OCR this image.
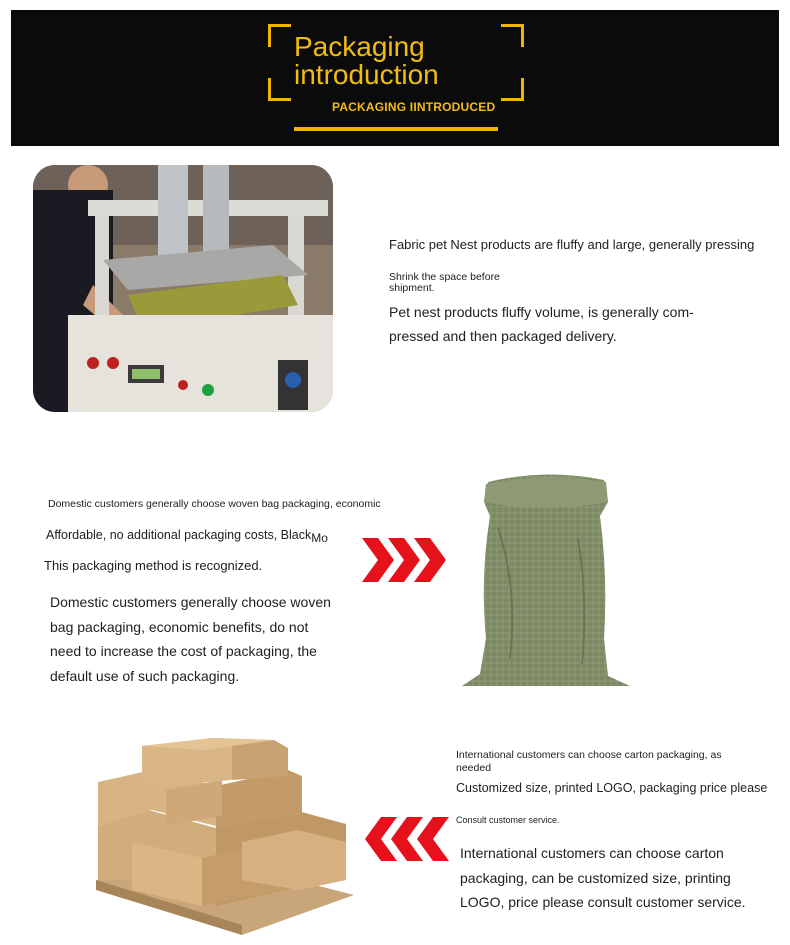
Packaging
introduction
PACKAGING IINTRODUCED
Fabric pet Nest products are fluffy and large, generally pressing
Shrink the space before
shipment.
Pet nest products fluffy volume, is generally com-
pressed and then packaged delivery.
Domestic customers generally choose woven bag packaging, economic
Affordable, no additional packaging costs, BlackMo
This packaging method is recognized.
Domestic customers generally choose woven
bag packaging, economic benefits, do not
need to increase the cost of packaging, the
default use of such packaging.
International customers can choose carton packaging, as
needed
Customized size, printed LOGO, packaging price please
Consult customer service.
International customers can choose carton
packaging, can be customized size, printing
LOGO, price please consult customer service.
